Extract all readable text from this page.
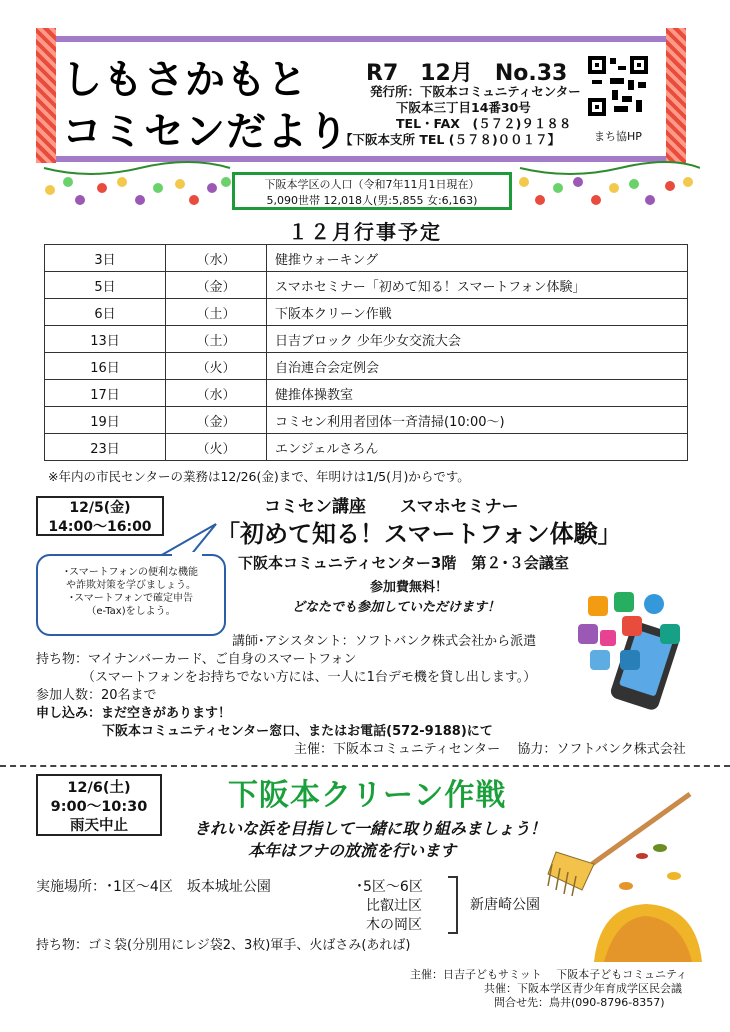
しもさかもと
コミセンだより
R7　12月　No.33
発行所：下阪本コミュニティセンター
下阪本三丁目14番30号
TEL・FAX　(５７２)９１８８
【下阪本支所 TEL (５７８)００１７】	まち協HP
下阪本学区の人口（令和7年11月1日現在）
5,090世帯 12,018人(男:5,855 女:6,163)
１２月行事予定
3日	（水）	健推ウォーキング
5日	（金）	スマホセミナー「初めて知る！スマートフォン体験」
6日	（土）	下阪本クリーン作戦
13日	（土）	日吉ブロック 少年少女交流大会
16日	（火）	自治連合会定例会
17日	（水）	健推体操教室
19日	（金）	コミセン利用者団体一斉清掃(10:00～)
23日	（火）	エンジェルさろん
※年内の市民センターの業務は12/26(金)まで、年明けは1/5(月)からです。
12/5(金)
14:00～16:00
コミセン講座　　スマホセミナー
「初めて知る！スマートフォン体験」
下阪本コミュニティセンター3階　第２･３会議室
参加費無料！
どなたでも参加していただけます！
･スマートフォンの便利な機能
や詐欺対策を学びましょう。
･スマートフォンで確定申告
（e-Tax)をしよう。
講師･アシスタント：ソフトバンク株式会社から派遣
持ち物：マイナンバーカード、ご自身のスマートフォン
（スマートフォンをお持ちでない方には、一人に1台デモ機を貸し出します。）
参加人数：20名まで
申し込み：まだ空きがあります！
下阪本コミュニティセンター窓口、またはお電話(572-9188)にて
主催：下阪本コミュニティセンター　 協力：ソフトバンク株式会社
12/6(土)
9:00～10:30
雨天中止
下阪本クリーン作戦
きれいな浜を目指して一緒に取り組みましょう！
本年はフナの放流を行います
実施場所：･1区～4区　坂本城址公園	･5区～6区
比叡辻区
木の岡区
新唐崎公園
持ち物：ゴミ袋(分別用にレジ袋2、3枚)軍手、火ばさみ(あれば)
主催：日吉子どもサミット　 下阪本子どもコミュニティ
共催：下阪本学区青少年育成学区民会議
問合せ先：鳥井(090-8796-8357)
